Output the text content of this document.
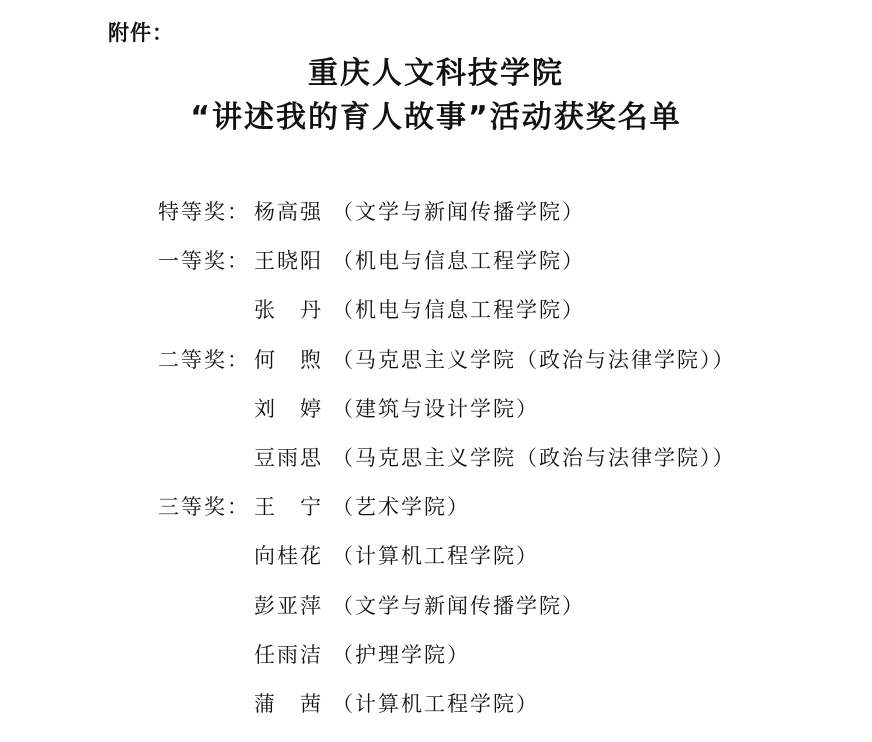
附件：
重庆人文科技学院
“讲述我的育人故事”活动获奖名单
特等奖： 杨高强 （文学与新闻传播学院）
一等奖： 王晓阳 （机电与信息工程学院）
张　丹 （机电与信息工程学院）
二等奖： 何　煦 （马克思主义学院（政治与法律学院））
刘　婷 （建筑与设计学院）
豆雨思 （马克思主义学院（政治与法律学院））
三等奖： 王　宁 （艺术学院）
向桂花 （计算机工程学院）
彭亚萍 （文学与新闻传播学院）
任雨洁 （护理学院）
蒲　茜 （计算机工程学院）
